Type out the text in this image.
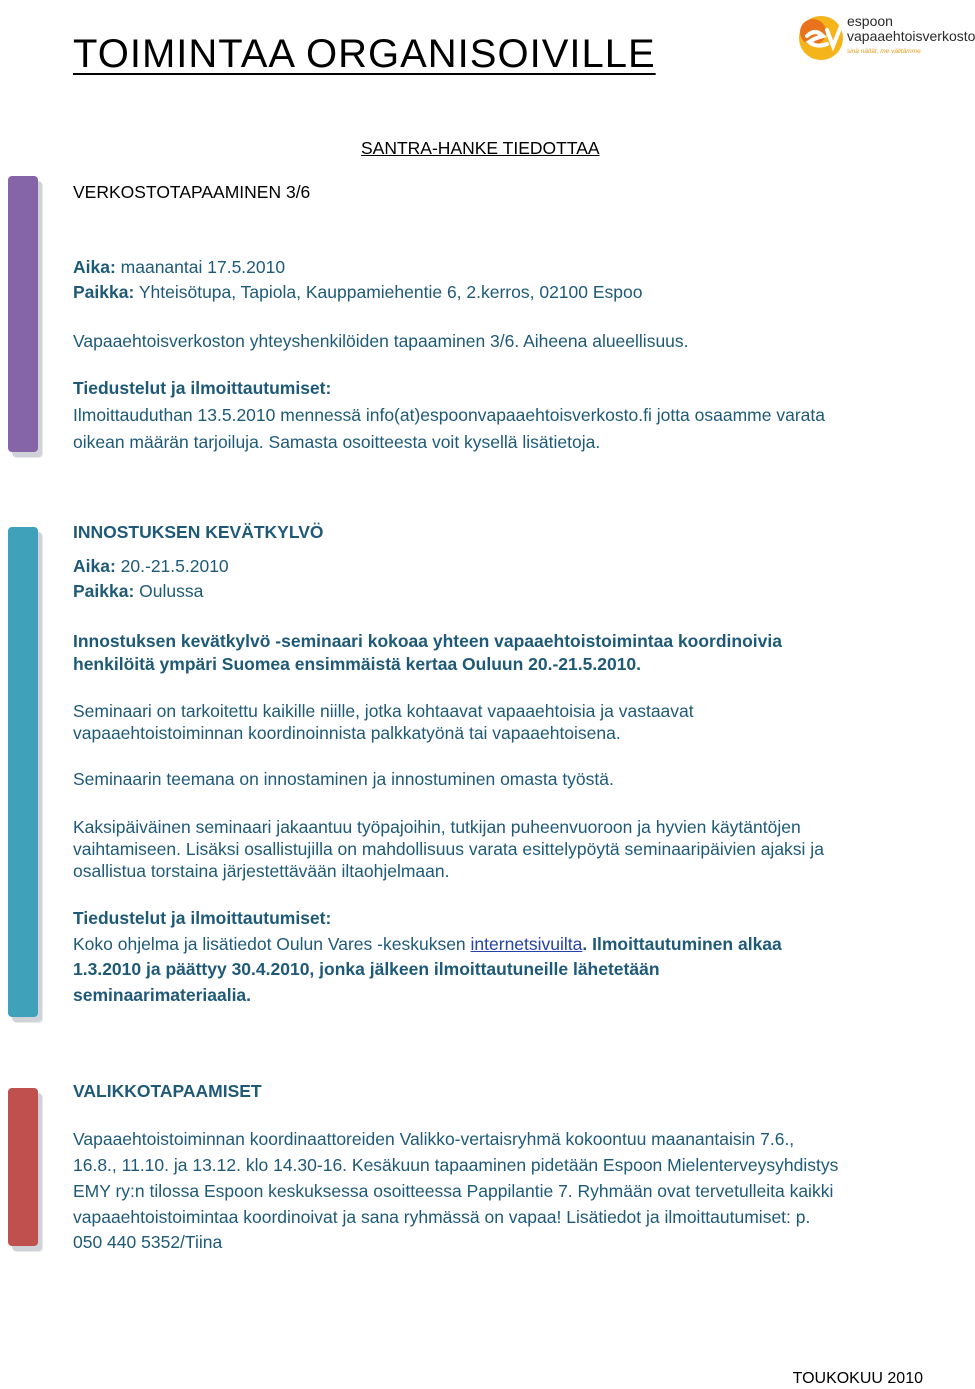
TOIMINTAA ORGANISOIVILLE
espoon
vapaaehtoisverkosto
sinä näität, me välitämme
SANTRA-HANKE TIEDOTTAA
VERKOSTOTAPAAMINEN 3/6
Aika: maanantai 17.5.2010
Paikka: Yhteisötupa, Tapiola, Kauppamiehentie 6, 2.kerros, 02100 Espoo
Vapaaehtoisverkoston yhteyshenkilöiden tapaaminen 3/6. Aiheena alueellisuus.
Tiedustelut ja ilmoittautumiset:
Ilmoittauduthan 13.5.2010 mennessä info(at)espoonvapaaehtoisverkosto.fi jotta osaamme varata
oikean määrän tarjoiluja. Samasta osoitteesta voit kysellä lisätietoja.
INNOSTUKSEN KEVÄTKYLVÖ
Aika: 20.-21.5.2010
Paikka: Oulussa
Innostuksen kevätkylvö -seminaari kokoaa yhteen vapaaehtoistoimintaa koordinoivia
henkilöitä ympäri Suomea ensimmäistä kertaa Ouluun 20.-21.5.2010.
Seminaari on tarkoitettu kaikille niille, jotka kohtaavat vapaaehtoisia ja vastaavat
vapaaehtoistoiminnan koordinoinnista palkkatyönä tai vapaaehtoisena.
Seminaarin teemana on innostaminen ja innostuminen omasta työstä.
Kaksipäiväinen seminaari jakaantuu työpajoihin, tutkijan puheenvuoroon ja hyvien käytäntöjen
vaihtamiseen. Lisäksi osallistujilla on mahdollisuus varata esittelypöytä seminaaripäivien ajaksi ja
osallistua torstaina järjestettävään iltaohjelmaan.
Tiedustelut ja ilmoittautumiset:
Koko ohjelma ja lisätiedot Oulun Vares -keskuksen internetsivuilta. Ilmoittautuminen alkaa
1.3.2010 ja päättyy 30.4.2010, jonka jälkeen ilmoittautuneille lähetetään
seminaarimateriaalia.
VALIKKOTAPAAMISET
Vapaaehtoistoiminnan koordinaattoreiden Valikko-vertaisryhmä kokoontuu maanantaisin 7.6.,
16.8., 11.10. ja 13.12. klo 14.30-16. Kesäkuun tapaaminen pidetään Espoon Mielenterveysyhdistys
EMY ry:n tilossa Espoon keskuksessa osoitteessa Pappilantie 7. Ryhmään ovat tervetulleita kaikki
vapaaehtoistoimintaa koordinoivat ja sana ryhmässä on vapaa! Lisätiedot ja ilmoittautumiset: p.
050 440 5352/Tiina
TOUKOKUU 2010
